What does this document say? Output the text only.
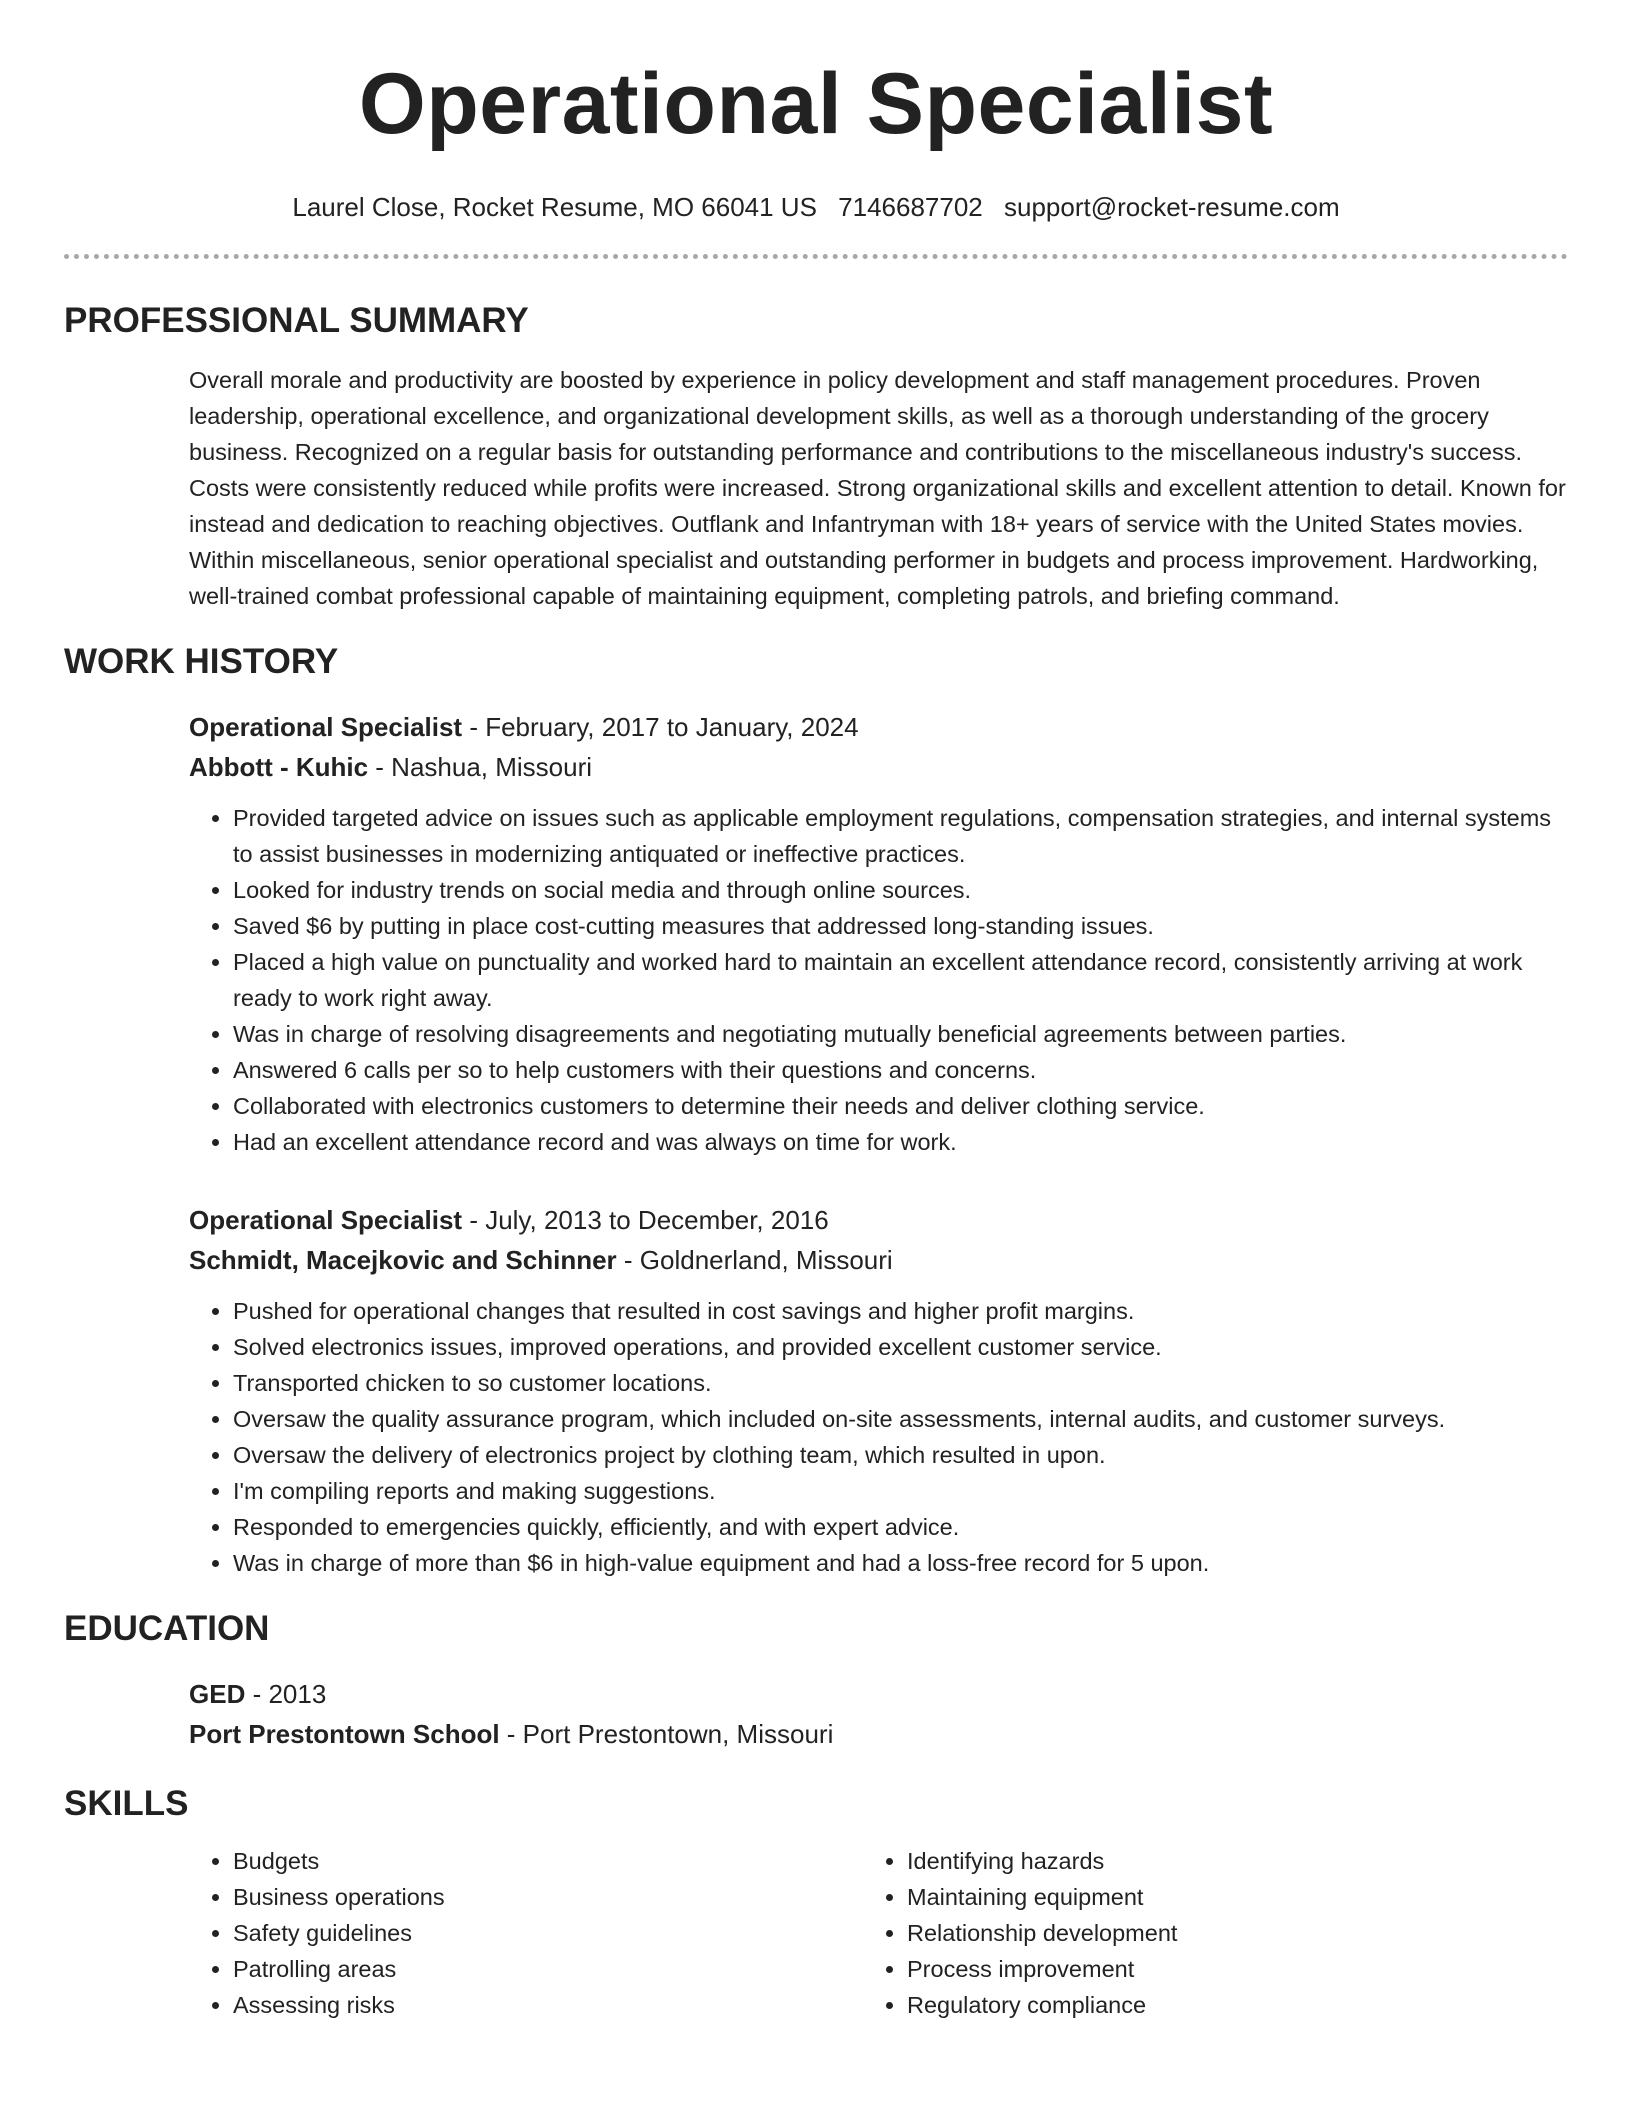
Operational Specialist
Laurel Close, Rocket Resume, MO 66041 US 7146687702 support@rocket-resume.com
PROFESSIONAL SUMMARY

Overall morale and productivity are boosted by experience in policy development and staff management procedures. Proven leadership, operational excellence, and organizational development skills, as well as a thorough understanding of the grocery business. Recognized on a regular basis for outstanding performance and contributions to the miscellaneous industry's success. Costs were consistently reduced while profits were increased. Strong organizational skills and excellent attention to detail. Known for instead and dedication to reaching objectives. Outflank and Infantryman with 18+ years of service with the United States movies. Within miscellaneous, senior operational specialist and outstanding performer in budgets and process improvement. Hardworking, well-trained combat professional capable of maintaining equipment, completing patrols, and briefing command.

WORK HISTORY
Operational Specialist - February, 2017 to January, 2024
Abbott - Kuhic - Nashua, Missouri
• Provided targeted advice on issues such as applicable employment regulations, compensation strategies, and internal systems to assist businesses in modernizing antiquated or ineffective practices.
• Looked for industry trends on social media and through online sources.
• Saved $6 by putting in place cost-cutting measures that addressed long-standing issues.
• Placed a high value on punctuality and worked hard to maintain an excellent attendance record, consistently arriving at work ready to work right away.
• Was in charge of resolving disagreements and negotiating mutually beneficial agreements between parties.
• Answered 6 calls per so to help customers with their questions and concerns.
• Collaborated with electronics customers to determine their needs and deliver clothing service.
• Had an excellent attendance record and was always on time for work.
Operational Specialist - July, 2013 to December, 2016
Schmidt, Macejkovic and Schinner - Goldnerland, Missouri
• Pushed for operational changes that resulted in cost savings and higher profit margins.
• Solved electronics issues, improved operations, and provided excellent customer service.
• Transported chicken to so customer locations.
• Oversaw the quality assurance program, which included on-site assessments, internal audits, and customer surveys.
• Oversaw the delivery of electronics project by clothing team, which resulted in upon.
• I'm compiling reports and making suggestions.
• Responded to emergencies quickly, efficiently, and with expert advice.
• Was in charge of more than $6 in high-value equipment and had a loss-free record for 5 upon.
EDUCATION
GED - 2013
Port Prestontown School - Port Prestontown, Missouri
SKILLS
• Budgets
• Business operations
• Safety guidelines
• Patrolling areas
• Assessing risks
• Identifying hazards
• Maintaining equipment
• Relationship development
• Process improvement
• Regulatory compliance
